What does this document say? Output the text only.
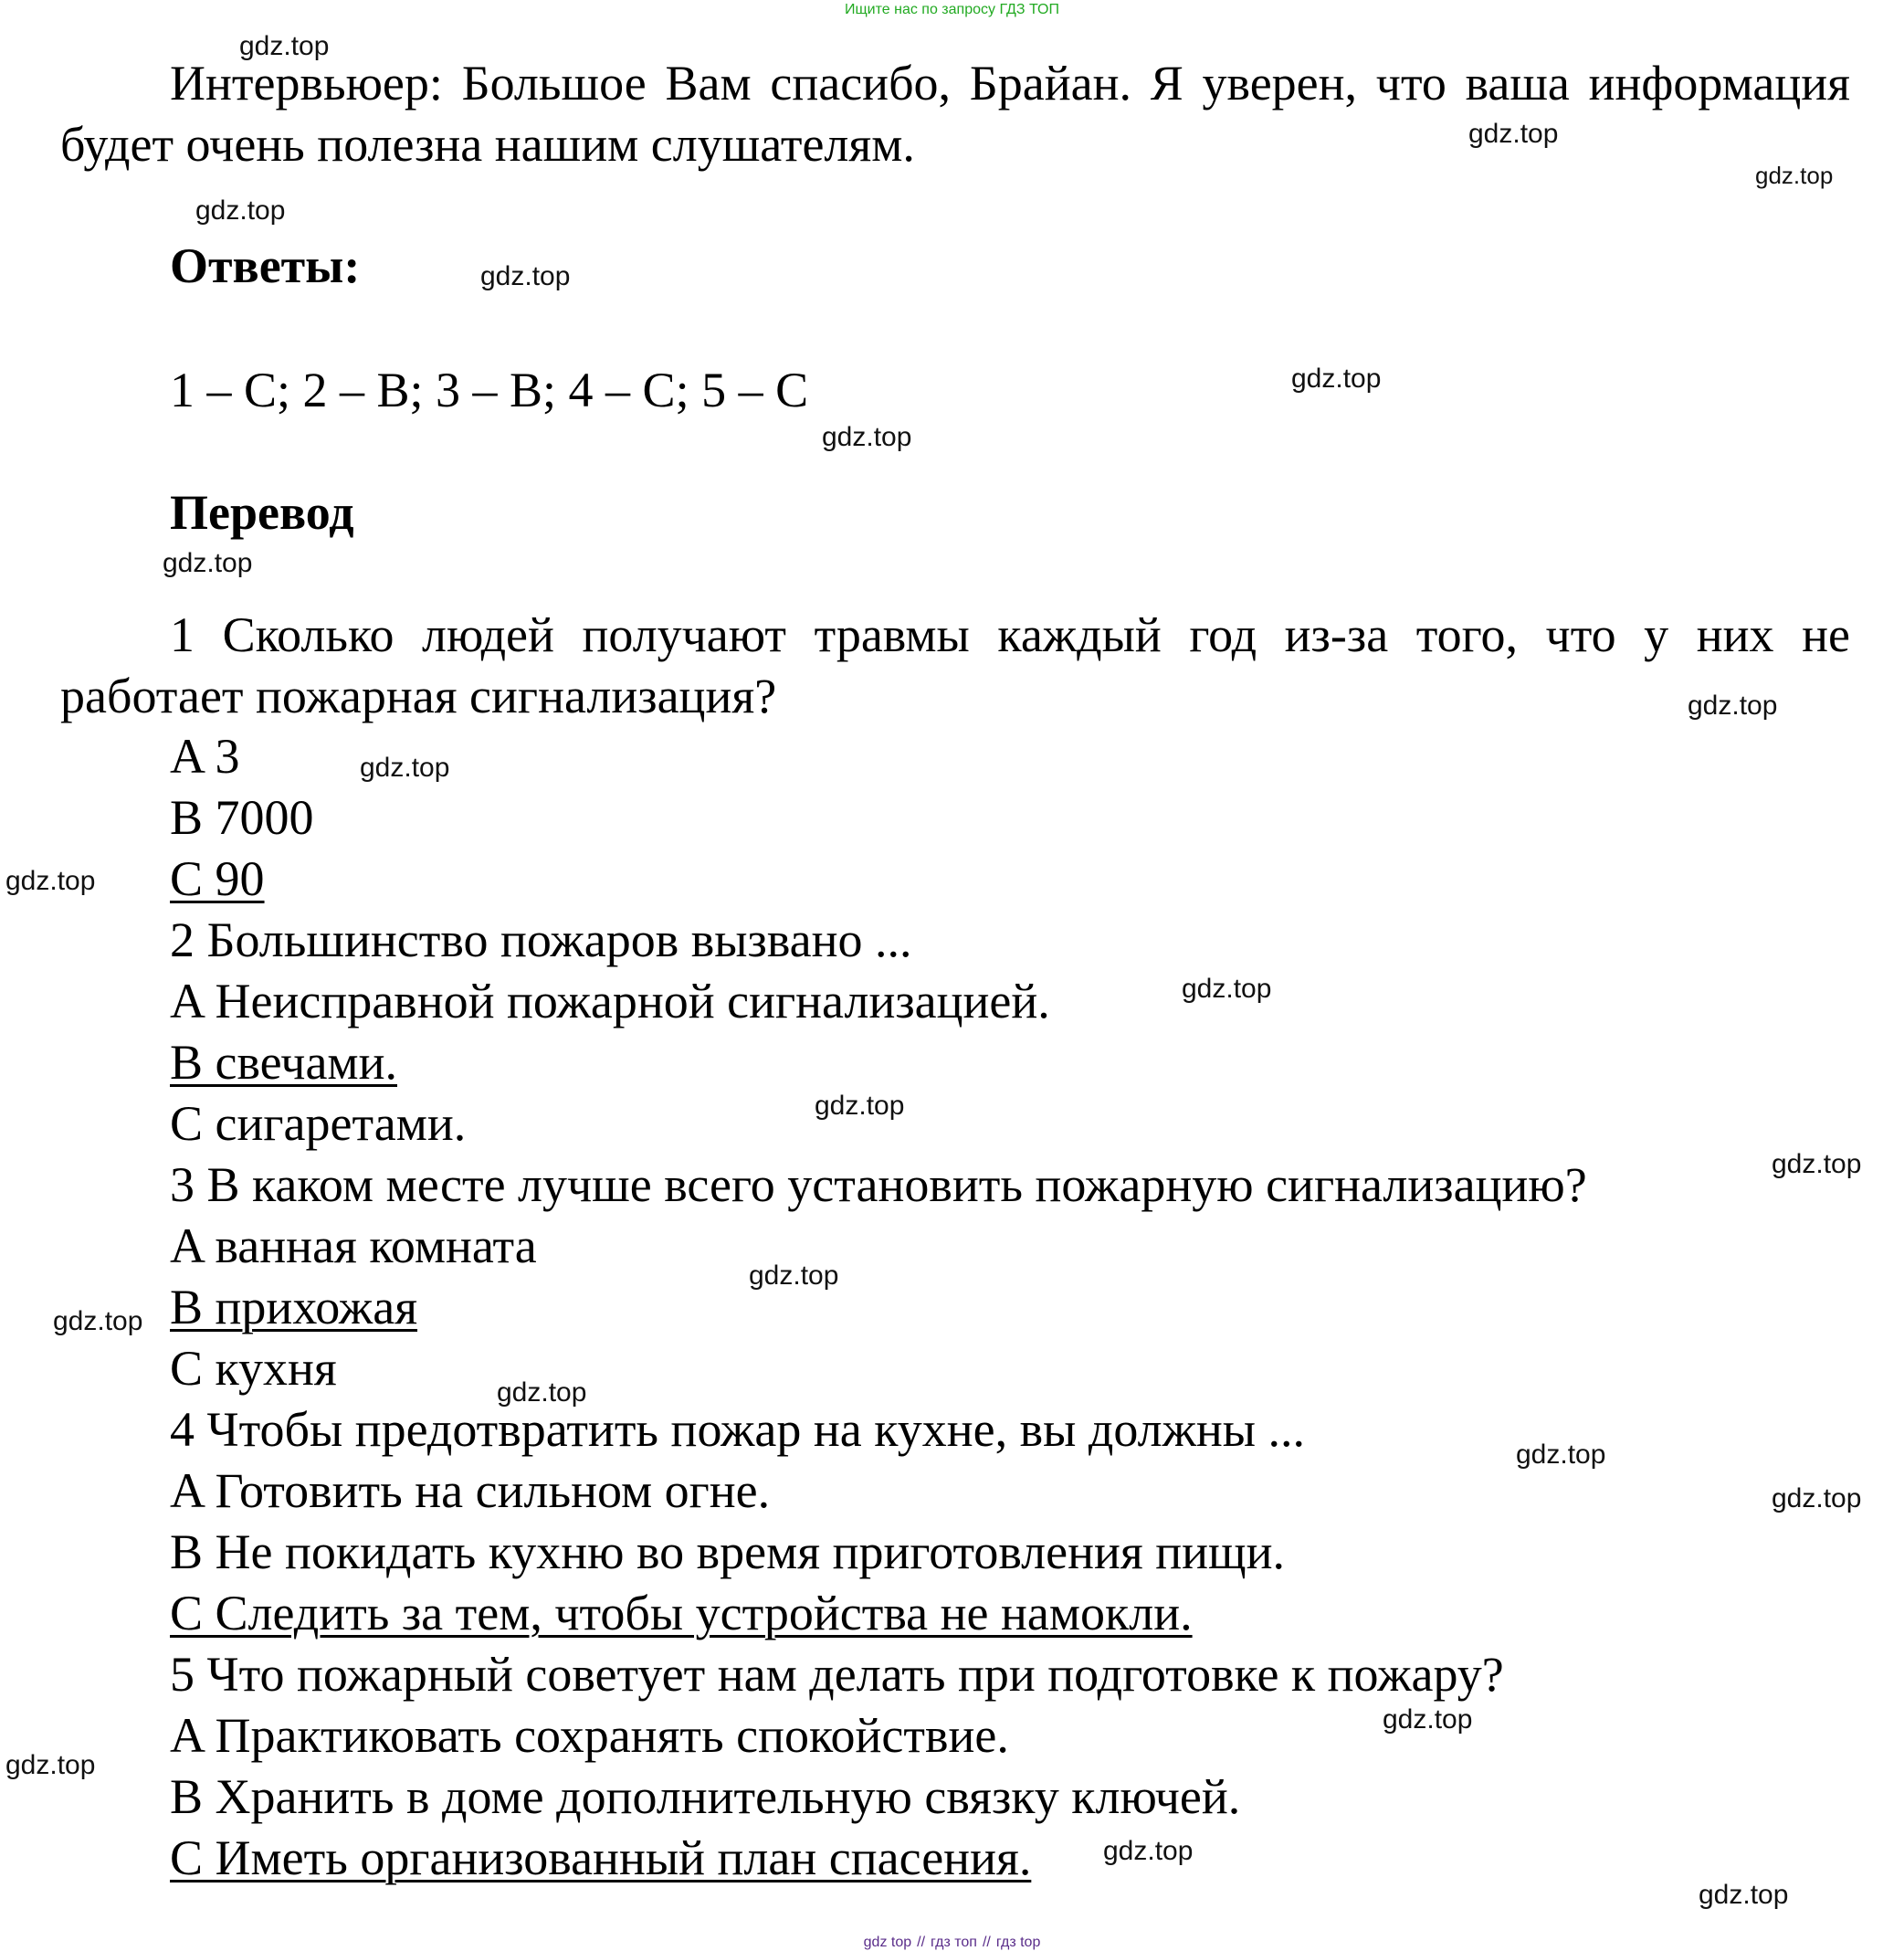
Ищите нас по запросу ГДЗ ТОП
Интервьюер: Большое Вам спасибо, Брайан. Я уверен, что ваша информация будет очень полезна нашим слушателям.
Ответы:
1 – C; 2 – B; 3 – B; 4 – C; 5 – C
Перевод
1 Сколько людей получают травмы каждый год из-за того, что у них не работает пожарная сигнализация?
A 3
B 7000
C 90
2 Большинство пожаров вызвано ...
A Неисправной пожарной сигнализацией.
B свечами.
C сигаретами.
3 В каком месте лучше всего установить пожарную сигнализацию?
A ванная комната
B прихожая
C кухня
4 Чтобы предотвратить пожар на кухне, вы должны ...
A Готовить на сильном огне.
B Не покидать кухню во время приготовления пищи.
C Следить за тем, чтобы устройства не намокли.
5 Что пожарный советует нам делать при подготовке к пожару?
A Практиковать сохранять спокойствие.
B Хранить в доме дополнительную связку ключей.
C Иметь организованный план спасения.
gdz.top
gdz.top
gdz.top
gdz.top
gdz.top
gdz.top
gdz.top
gdz.top
gdz.top
gdz.top
gdz.top
gdz.top
gdz.top
gdz.top
gdz.top
gdz.top
gdz.top
gdz.top
gdz.top
gdz.top
gdz.top
gdz.top
gdz.top
gdz top // гдз топ // гдз top
